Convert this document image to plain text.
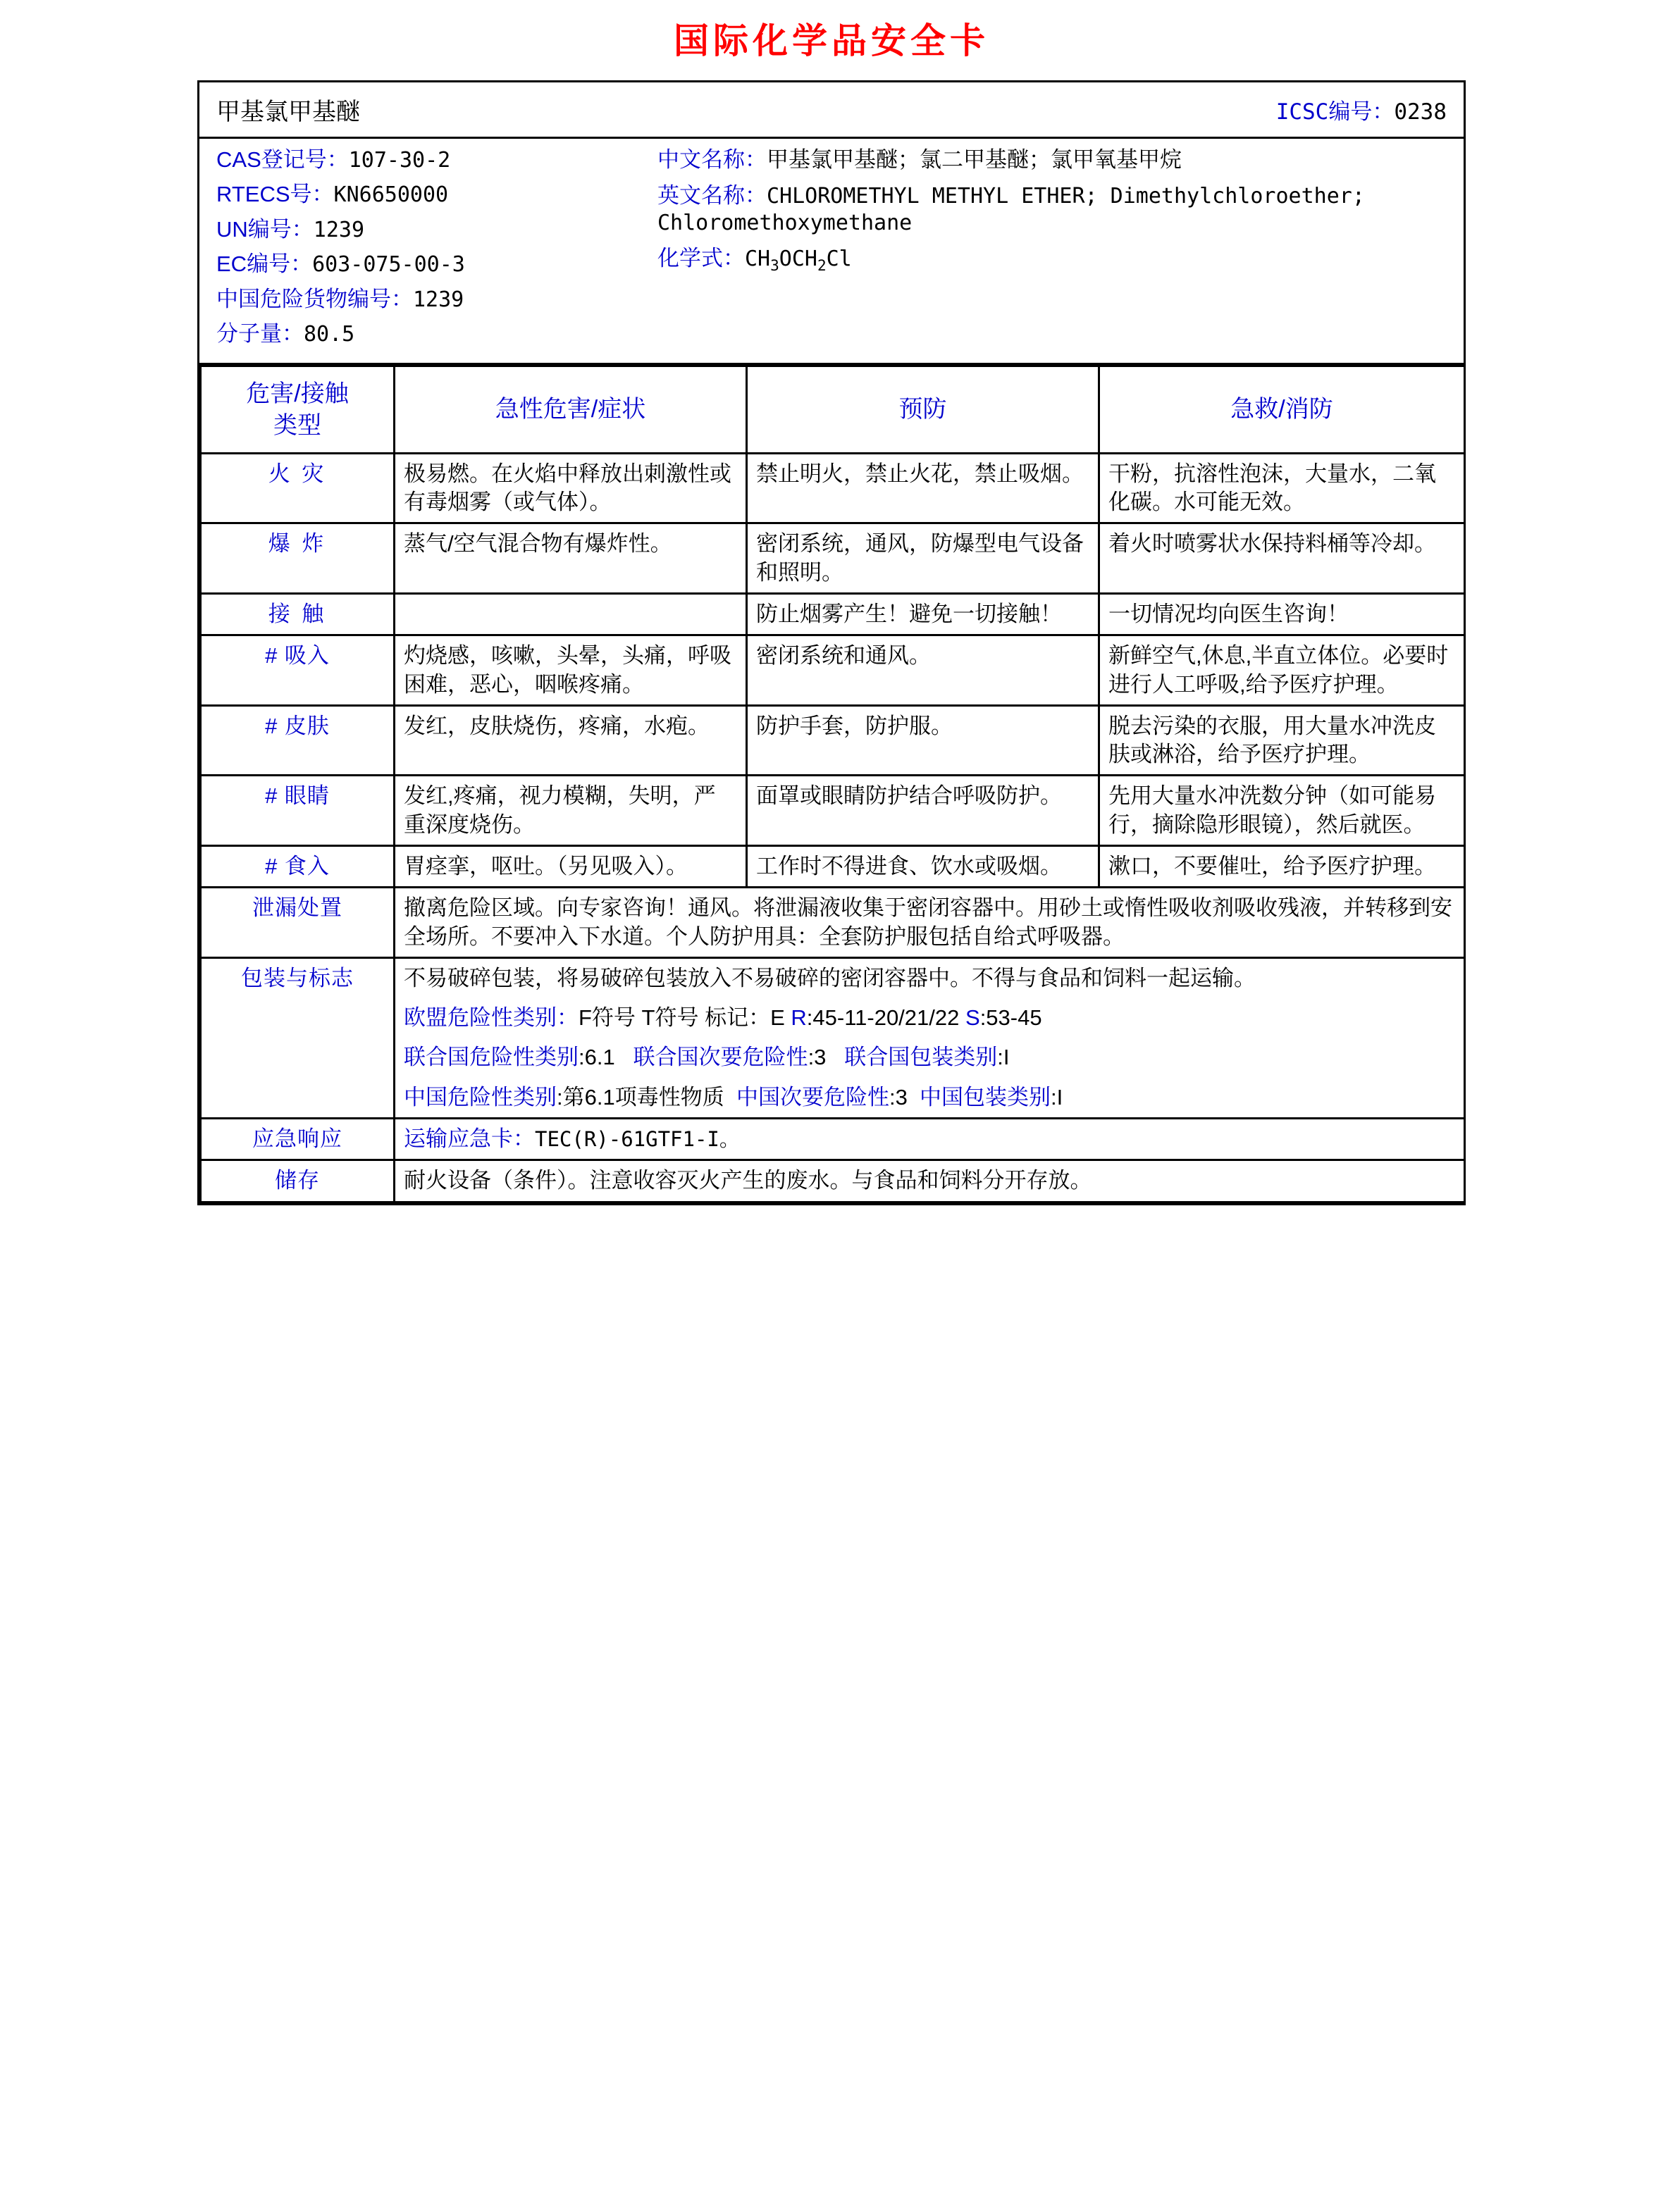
国际化学品安全卡
甲基氯甲基醚	ICSC编号：0238
CAS登记号：107-30-2
RTECS号：KN6650000
UN编号：1239
EC编号：603-075-00-3
中国危险货物编号：1239
分子量：80.5
中文名称：甲基氯甲基醚；氯二甲基醚；氯甲氧基甲烷
英文名称：CHLOROMETHYL METHYL ETHER; Dimethylchloroether; Chloromethoxymethane
化学式：$CH_3OCH_2Cl$
危害/接触
类型	急性危害/症状	预防	急救/消防
火 灾	极易燃。在火焰中释放出刺激性或有毒烟雾（或气体）。	禁止明火，禁止火花，禁止吸烟。	干粉，抗溶性泡沫，大量水，二氧化碳。水可能无效。
爆 炸	蒸气/空气混合物有爆炸性。	密闭系统，通风，防爆型电气设备和照明。	着火时喷雾状水保持料桶等冷却。
接 触		防止烟雾产生！避免一切接触！	一切情况均向医生咨询！
# 吸入	灼烧感，咳嗽，头晕，头痛，呼吸困难，恶心，咽喉疼痛。	密闭系统和通风。	新鲜空气,休息,半直立体位。必要时进行人工呼吸,给予医疗护理。
# 皮肤	发红，皮肤烧伤，疼痛，水疱。	防护手套，防护服。	脱去污染的衣服，用大量水冲洗皮肤或淋浴，给予医疗护理。
# 眼睛	发红,疼痛，视力模糊，失明，严重深度烧伤。	面罩或眼睛防护结合呼吸防护。	先用大量水冲洗数分钟（如可能易行，摘除隐形眼镜），然后就医。
# 食入	胃痉挛，呕吐。（另见吸入）。	工作时不得进食、饮水或吸烟。	漱口，不要催吐，给予医疗护理。
泄漏处置	撤离危险区域。向专家咨询！通风。将泄漏液收集于密闭容器中。用砂土或惰性吸收剂吸收残液，并转移到安全场所。不要冲入下水道。个人防护用具：全套防护服包括自给式呼吸器。		
包装与标志	不易破碎包装，将易破碎包装放入不易破碎的密闭容器中。不得与食品和饲料一起运输。
欧盟危险性类别：F符号 T符号 标记：E R:45-11-20/21/22 S:53-45
联合国危险性类别:6.1 联合国次要危险性:3 联合国包装类别:I
中国危险性类别:第6.1项毒性物质 中国次要危险性:3 中国包装类别:I		

应急响应	运输应急卡：TEC(R)-61GTF1-I。		
储存	耐火设备（条件）。注意收容灭火产生的废水。与食品和饲料分开存放。		
